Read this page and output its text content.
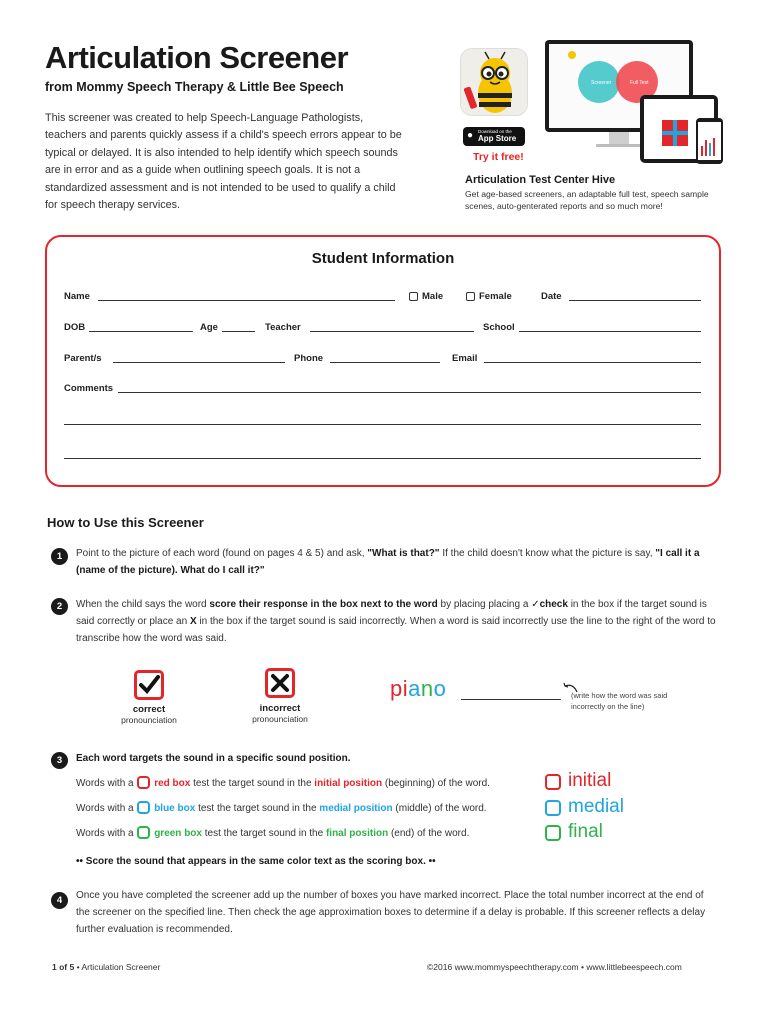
Articulation Screener
from Mommy Speech Therapy & Little Bee Speech
This screener was created to help Speech-Language Pathologists, teachers and parents quickly assess if a child's speech errors appear to be typical or delayed. It is also intended to help identify which speech sounds are in error and as a guide when outlining speech goals. It is not a standardized assessment and is not intended to be used to qualify a child for speech therapy services.
● Download on the
App Store
Try it free!
Screener	Full Test
Articulation Test Center Hive
Get age-based screeners, an adaptable full test, speech sample scenes, auto-genterated reports and so much more!
Student Information
Name	Male	Female	Date
DOB	Age	Teacher	School
Parent/s	Phone	Email
Comments
How to Use this Screener
1	Point to the picture of each word (found on pages 4 & 5) and ask, "What is that?" If the child doesn't know what the picture is say, "I call it a (name of the picture). What do I call it?"
2	When the child says the word score their response in the box next to the word by placing placing a ✓check in the box if the target sound is said correctly or place an X in the box if the target sound is said incorrectly. When a word is said incorrectly use the line to the right of the word to transcribe how the word was said.
correct
pronounciation
incorrect
pronounciation
piano	(write how the word was said incorrectly on the line)
3	Each word targets the sound in a specific sound position.
Words with a red box test the target sound in the initial position (beginning) of the word.
Words with a blue box test the target sound in the medial position (middle) of the word.
Words with a green box test the target sound in the final position (end) of the word.
•• Score the sound that appears in the same color text as the scoring box. ••
initial
medial
final
4	Once you have completed the screener add up the number of boxes you have marked incorrect. Place the total number incorrect at the end of the screener on the specified line. Then check the age approximation boxes to determine if a delay is probable. If this screener reflects a delay further evaluation is recommended.
1 of 5 • Articulation Screener	©2016 www.mommyspeechtherapy.com • www.littlebeespeech.com
